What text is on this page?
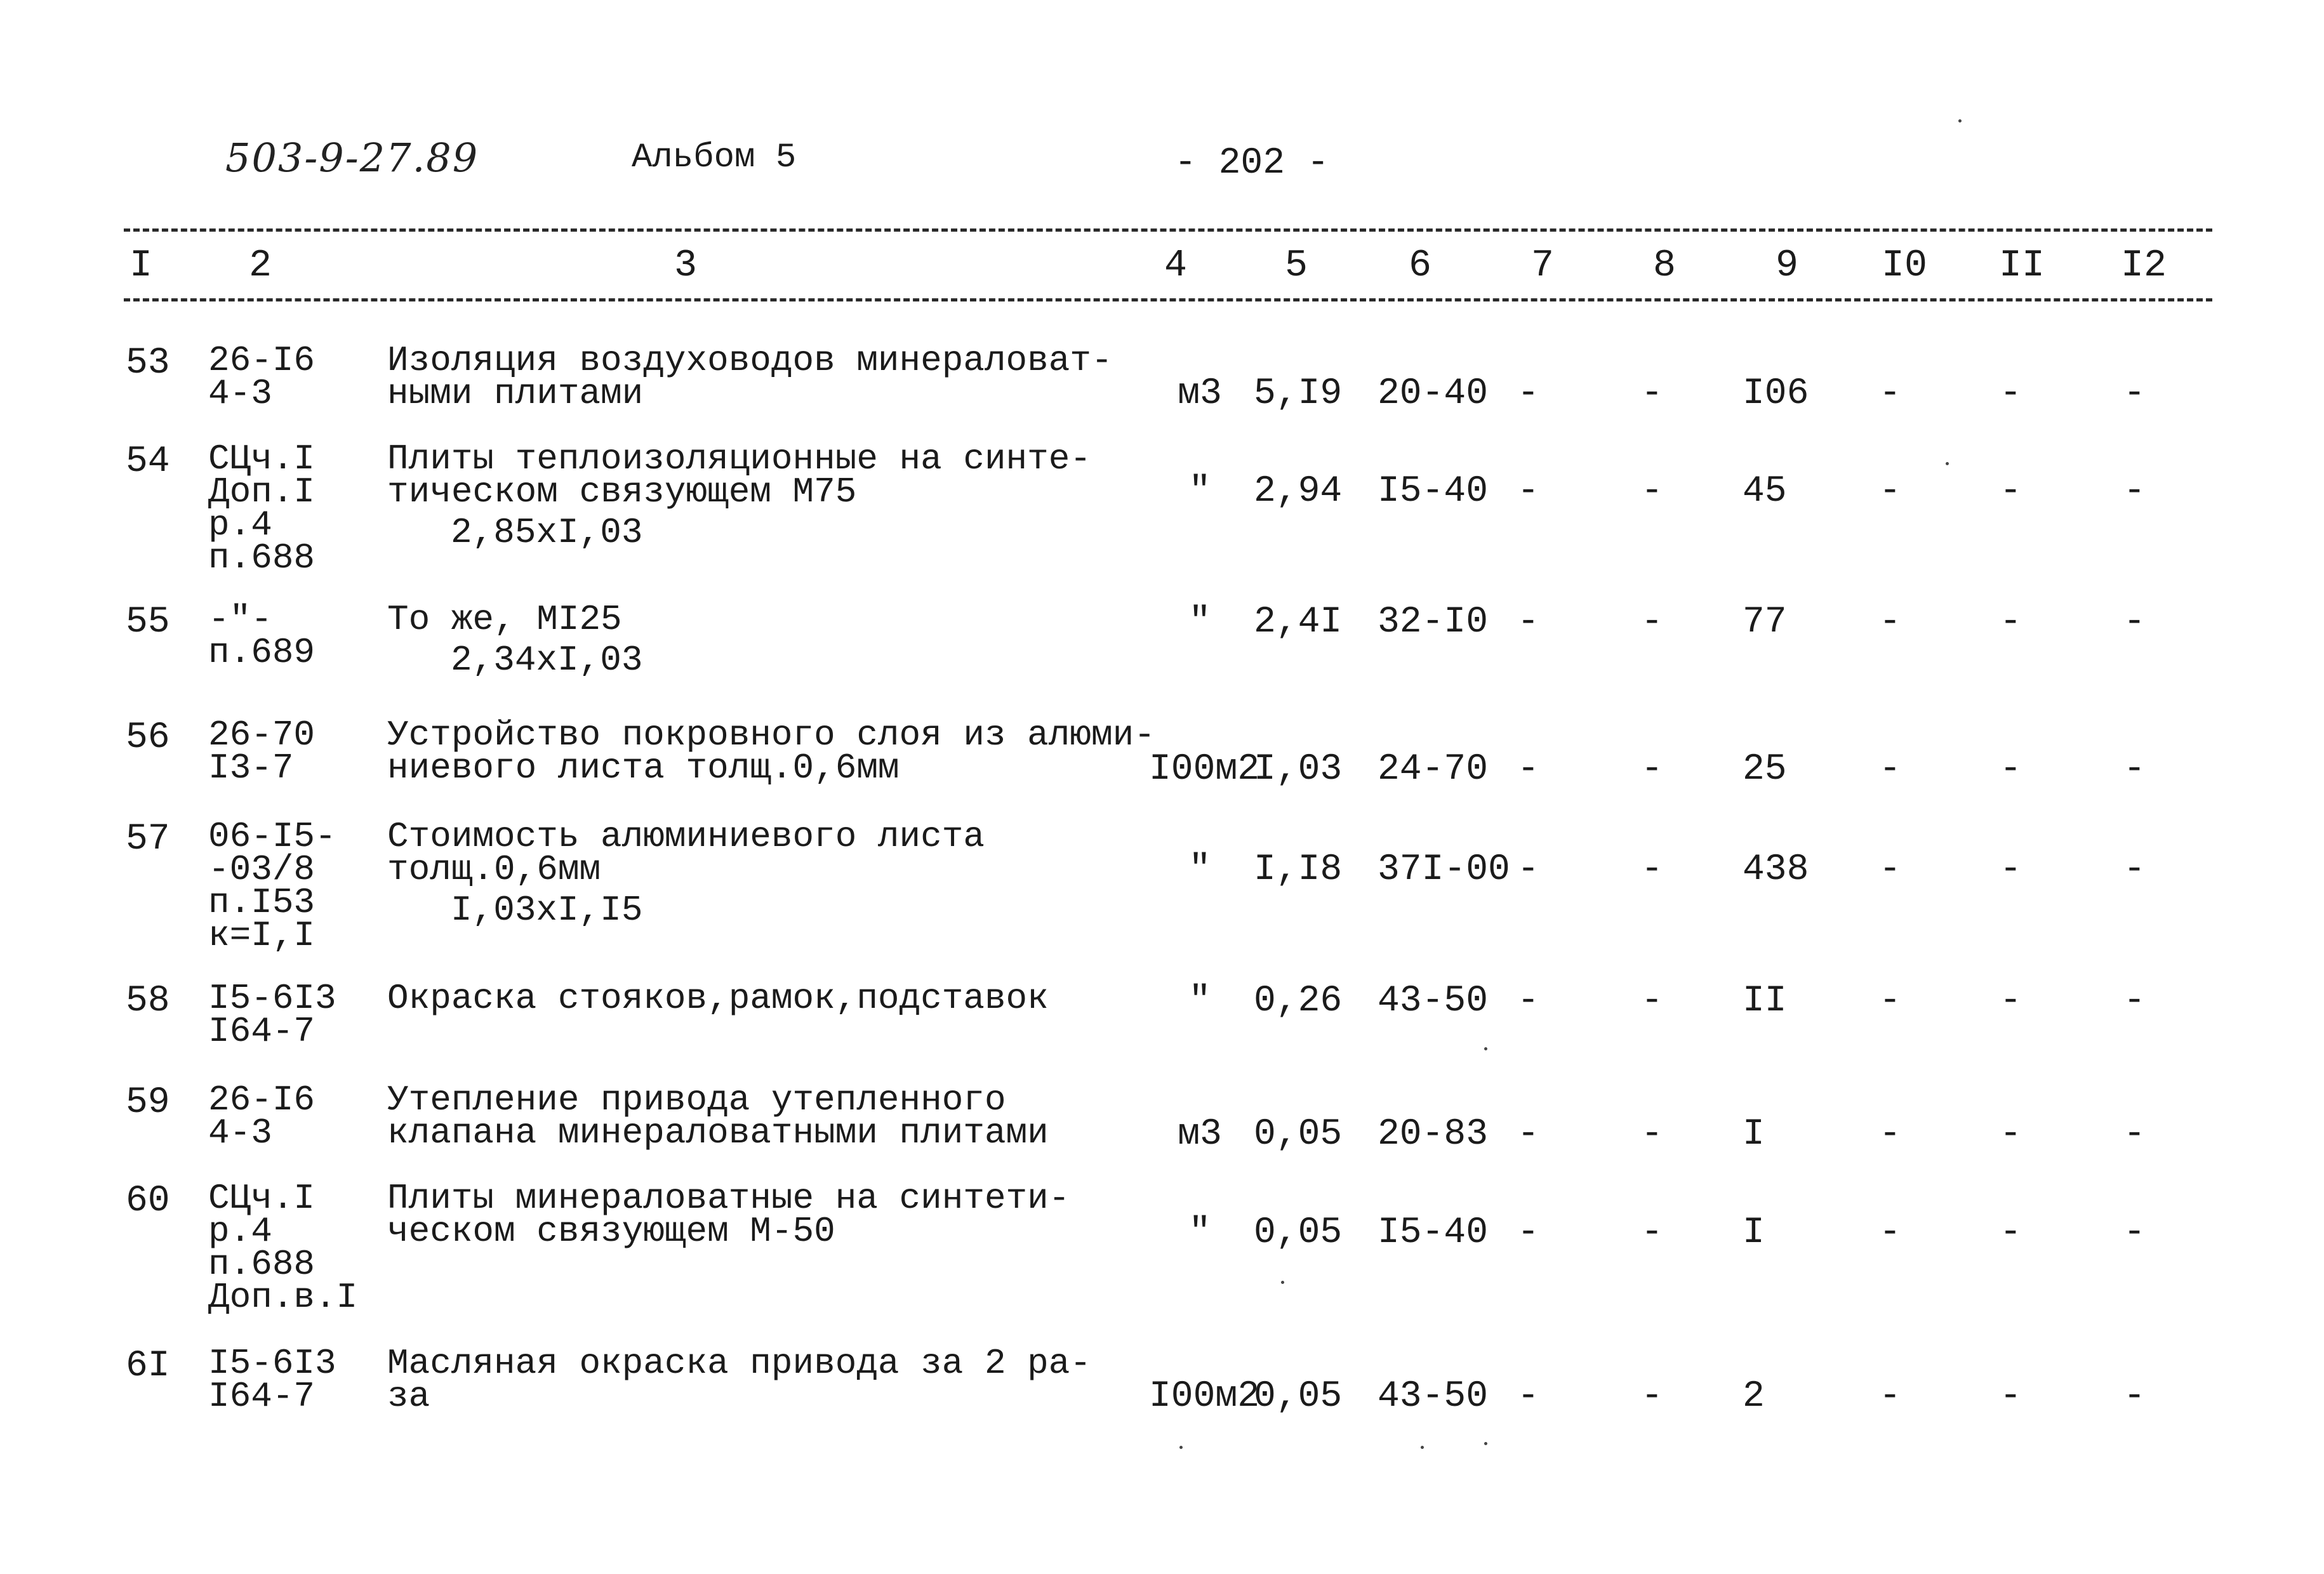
503-9-27.89	Альбом 5	- 202 -
I	2	3	4	5	6	7	8	9 I0 II I2
53 26-I6
4-3
Изоляция воздуховодов минераловат-
ными плитами	м3 5,I9 20-40 -	- I06 -	-	-
54 СЦч.I
Доп.I
р.4
п.688
Плиты теплоизоляционные на синте-
тическом связующем М75
2,85хI,03
"	2,94 I5-40 -	- 45	-	-	-
55 -"-
п.689
То же, МI25
2,34хI,03
"	2,4I 32-I0 -	- 77	-	-	-
56 26-70
I3-7
Устройство покровного слоя из алюми-
ниевого листа толщ.0,6мм	I00м2
I,03 24-70 -	- 25	-	-	-
57 06-I5-
-03/8
п.I53
к=I,I
Стоимость алюминиевого листа
толщ.0,6мм
I,03хI,I5
"	I,I8 37I-00 -	- 438 -	-	-
58 I5-6I3
I64-7
Окраска стояков,рамок,подставок	"	0,26 43-50 -	- II	-	-	-
59 26-I6
4-3
Утепление привода утепленного
клапана минераловатными плитами	м3 0,05 20-83 -	- I	-	-	-
60 СЦч.I
р.4
п.688
Доп.в.I
Плиты минераловатные на синтети-
ческом связующем М-50	"	0,05 I5-40 -	- I	-	-	-
6I I5-6I3
I64-7
Масляная окраска привода за 2 ра-
за	I00м2
0,05 43-50 -	- 2	-	-	-
